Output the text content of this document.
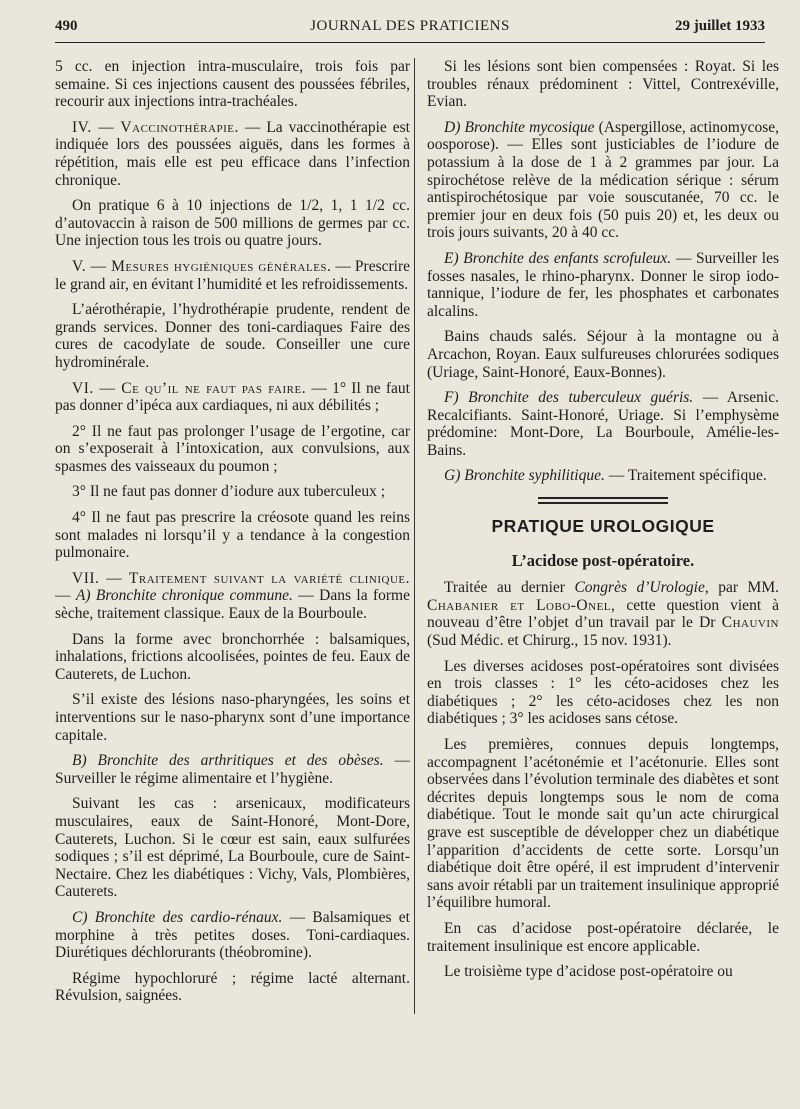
490	JOURNAL DES PRATICIENS	29 juillet 1933

5 cc. en injection intra-musculaire, trois fois par semaine. Si ces injections causent des poussées fébriles, recourir aux injections intra-trachéales.

IV. — Vaccinothérapie. — La vaccinothérapie est indiquée lors des poussées aiguës, dans les formes à répétition, mais elle est peu efficace dans l’infection chronique.

On pratique 6 à 10 injections de 1/2, 1, 1 1/2 cc. d’autovaccin à raison de 500 millions de germes par cc. Une injection tous les trois ou quatre jours.

V. — Mesures hygiéniques générales. — Prescrire le grand air, en évitant l’humidité et les refroidissements.

L’aérothérapie, l’hydrothérapie prudente, rendent de grands services. Donner des toni-cardiaques Faire des cures de cacodylate de soude. Conseiller une cure hydrominérale.

VI. — Ce qu’il ne faut pas faire. — 1° Il ne faut pas donner d’ipéca aux cardiaques, ni aux débilités ;

2° Il ne faut pas prolonger l’usage de l’ergotine, car on s’exposerait à l’intoxication, aux convulsions, aux spasmes des vaisseaux du poumon ;

3° Il ne faut pas donner d’iodure aux tuberculeux ;

4° Il ne faut pas prescrire la créosote quand les reins sont malades ni lorsqu’il y a tendance à la congestion pulmonaire.

VII. — Traitement suivant la variété clinique. — A) Bronchite chronique commune. — Dans la forme sèche, traitement classique. Eaux de la Bourboule.

Dans la forme avec bronchorrhée : balsamiques, inhalations, frictions alcoolisées, pointes de feu. Eaux de Cauterets, de Luchon.

S’il existe des lésions naso-pharyngées, les soins et interventions sur le naso-pharynx sont d’une importance capitale.

B) Bronchite des arthritiques et des obèses. — Surveiller le régime alimentaire et l’hygiène.

Suivant les cas : arsenicaux, modificateurs musculaires, eaux de Saint-Honoré, Mont-Dore, Cauterets, Luchon. Si le cœur est sain, eaux sulfurées sodiques ; s’il est déprimé, La Bourboule, cure de Saint-Nectaire. Chez les diabétiques : Vichy, Vals, Plombières, Cauterets.

C) Bronchite des cardio-rénaux. — Balsamiques et morphine à très petites doses. Toni-cardiaques. Diurétiques déchlorurants (théobromine).

Régime hypochloruré ; régime lacté alternant. Révulsion, saignées.

Si les lésions sont bien compensées : Royat. Si les troubles rénaux prédominent : Vittel, Contrexéville, Evian.

D) Bronchite mycosique (Aspergillose, actinomycose, oosporose). — Elles sont justiciables de l’iodure de potassium à la dose de 1 à 2 grammes par jour. La spirochétose relève de la médication sérique : sérum antispirochétosique par voie souscutanée, 70 cc. le premier jour en deux fois (50 puis 20) et, les deux ou trois jours suivants, 20 à 40 cc.

E) Bronchite des enfants scrofuleux. — Surveiller les fosses nasales, le rhino-pharynx. Donner le sirop iodo-tannique, l’iodure de fer, les phosphates et carbonates alcalins.

Bains chauds salés. Séjour à la montagne ou à Arcachon, Royan. Eaux sulfureuses chlorurées sodiques (Uriage, Saint-Honoré, Eaux-Bonnes).

F) Bronchite des tuberculeux guéris. — Arsenic. Recalcifiants. Saint-Honoré, Uriage. Si l’emphysème prédomine: Mont-Dore, La Bourboule, Amélie-les-Bains.

G) Bronchite syphilitique. — Traitement spécifique.

PRATIQUE UROLOGIQUE
L’acidose post-opératoire.

Traitée au dernier Congrès d’Urologie, par MM. Chabanier et Lobo-Onel, cette question vient à nouveau d’être l’objet d’un travail par le Dr Chauvin (Sud Médic. et Chirurg., 15 nov. 1931).

Les diverses acidoses post-opératoires sont divisées en trois classes : 1° les céto-acidoses chez les diabétiques ; 2° les céto-acidoses chez les non diabétiques ; 3° les acidoses sans cétose.

Les premières, connues depuis longtemps, accompagnent l’acétonémie et l’acétonurie. Elles sont observées dans l’évolution terminale des diabètes et sont décrites depuis longtemps sous le nom de coma diabétique. Tout le monde sait qu’un acte chirurgical grave est susceptible de développer chez un diabétique l’apparition d’accidents de cette sorte. Lorsqu’un diabétique doit être opéré, il est imprudent d’intervenir sans avoir rétabli par un traitement insulinique approprié l’équilibre humoral.

En cas d’acidose post-opératoire déclarée, le traitement insulinique est encore applicable.

Le troisième type d’acidose post-opératoire ou
